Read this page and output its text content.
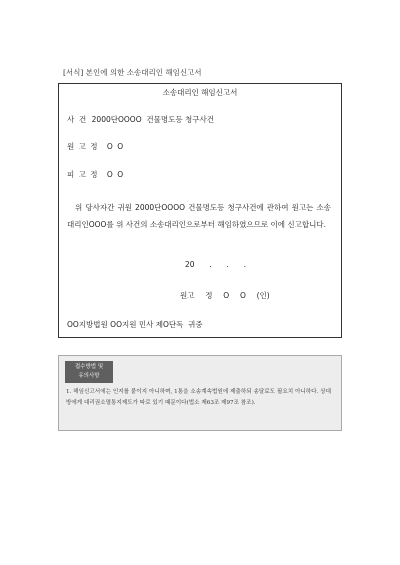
[서식] 본인에 의한 소송대리인 해임신고서
소송대리인 해임신고서
사  건 2000단OOOO  건물명도등 청구사건
원 고 정 O O
피 고 정 O O
위 당사자간 귀원 2000단OOOO 건물명도등 청구사건에 관하여 원고는 소송대리인OOO를 위 사건의 소송대리인으로부터 해임하였으므로 이에 신고합니다.
20  .  .  .
원고  정  O  O  (인)
OO지방법원 OO지원 민사 제O단독  귀중
접수방법 및
유의사항
1. 해임신고서에는 인지를 붙이지 아니하며, 1통을 소송계속법원에 제출하되 송달료도 필요치 아니하다. 상대방에게 대리권소멸통지제도가 따로 있기 때문이다(법소 제63조 제97조 참조).
